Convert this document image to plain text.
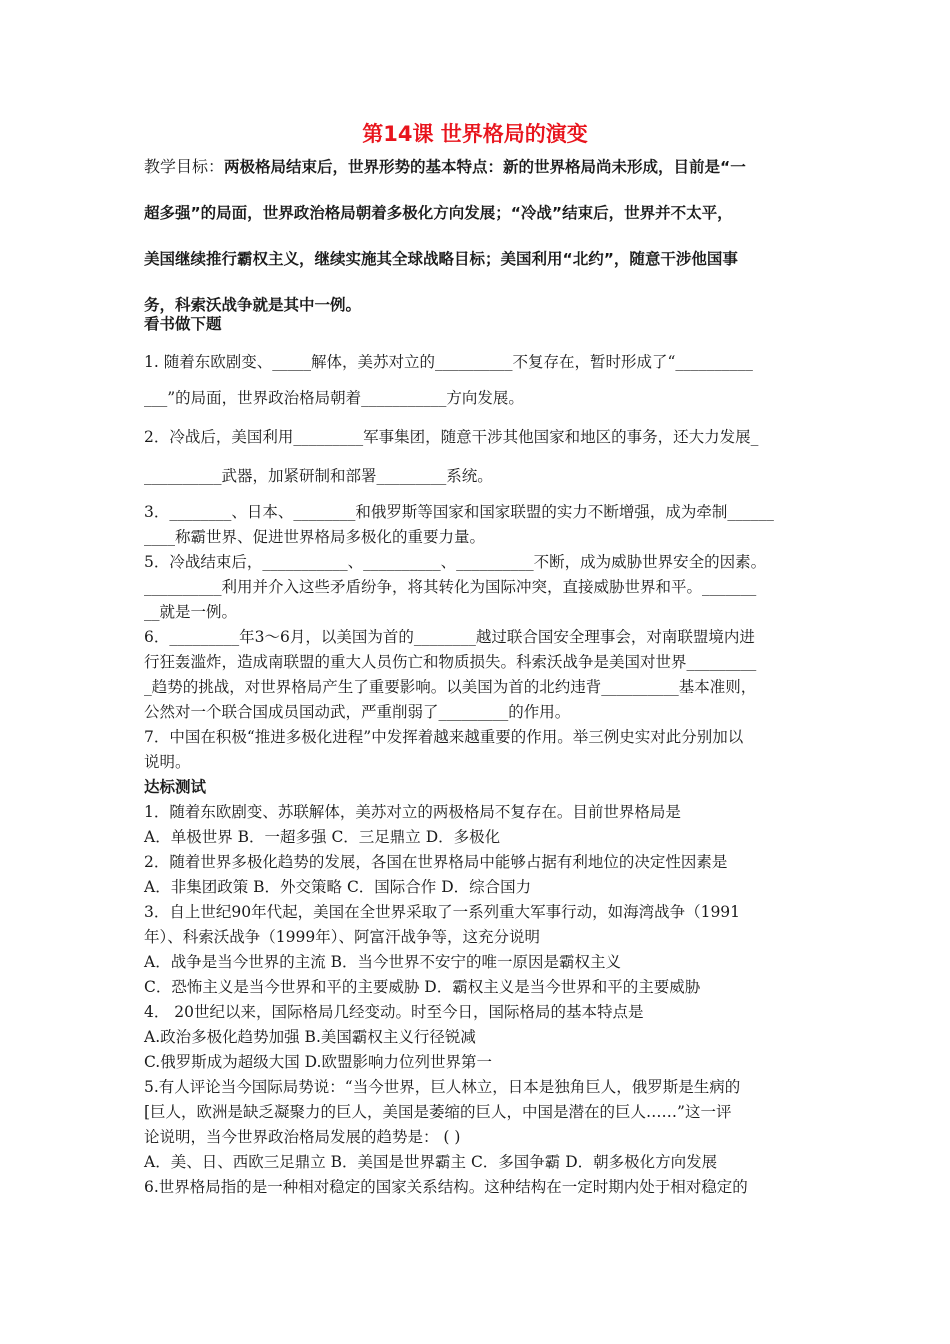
第14课 世界格局的演变
教学目标：两极格局结束后，世界形势的基本特点：新的世界格局尚未形成，目前是“一
超多强”的局面，世界政治格局朝着多极化方向发展；“冷战”结束后，世界并不太平，
美国继续推行霸权主义，继续实施其全球战略目标；美国利用“北约”，随意干涉他国事
务，科索沃战争就是其中一例。
看书做下题
1. 随着东欧剧变、_____解体，美苏对立的__________不复存在，暂时形成了“__________
___”的局面，世界政治格局朝着___________方向发展。
2．冷战后，美国利用_________军事集团，随意干涉其他国家和地区的事务，还大力发展_
__________武器，加紧研制和部署_________系统。
3．________、日本、________和俄罗斯等国家和国家联盟的实力不断增强，成为牵制______
____称霸世界、促进世界格局多极化的重要力量。
5．冷战结束后，___________、__________、__________不断，成为威胁世界安全的因素。
__________利用并介入这些矛盾纷争，将其转化为国际冲突，直接威胁世界和平。_______
__就是一例。
6．_________年3～6月，以美国为首的________越过联合国安全理事会，对南联盟境内进
行狂轰滥炸，造成南联盟的重大人员伤亡和物质损失。科索沃战争是美国对世界_________
_趋势的挑战，对世界格局产生了重要影响。以美国为首的北约违背__________基本准则，
公然对一个联合国成员国动武，严重削弱了_________的作用。
7．中国在积极“推进多极化进程”中发挥着越来越重要的作用。举三例史实对此分别加以
说明。
达标测试
1．随着东欧剧变、苏联解体，美苏对立的两极格局不复存在。目前世界格局是
A．单极世界 B．一超多强 C．三足鼎立 D．多极化
2．随着世界多极化趋势的发展，各国在世界格局中能够占据有利地位的决定性因素是
A．非集团政策 B．外交策略 C．国际合作 D．综合国力
3．自上世纪90年代起，美国在全世界采取了一系列重大军事行动，如海湾战争（1991
年）、科索沃战争（1999年）、阿富汗战争等，这充分说明
A．战争是当今世界的主流 B．当今世界不安宁的唯一原因是霸权主义
C．恐怖主义是当今世界和平的主要威胁 D．霸权主义是当今世界和平的主要威胁
4． 20世纪以来，国际格局几经变动。时至今日，国际格局的基本特点是
A.政治多极化趋势加强 B.美国霸权主义行径锐减
C.俄罗斯成为超级大国 D.欧盟影响力位列世界第一
5.有人评论当今国际局势说：“当今世界，巨人林立，日本是独角巨人，俄罗斯是生病的
[巨人，欧洲是缺乏凝聚力的巨人，美国是萎缩的巨人，中国是潜在的巨人……”这一评
论说明，当今世界政治格局发展的趋势是： ( )
A．美、日、西欧三足鼎立 B．美国是世界霸主 C．多国争霸 D．朝多极化方向发展
6.世界格局指的是一种相对稳定的国家关系结构。这种结构在一定时期内处于相对稳定的
